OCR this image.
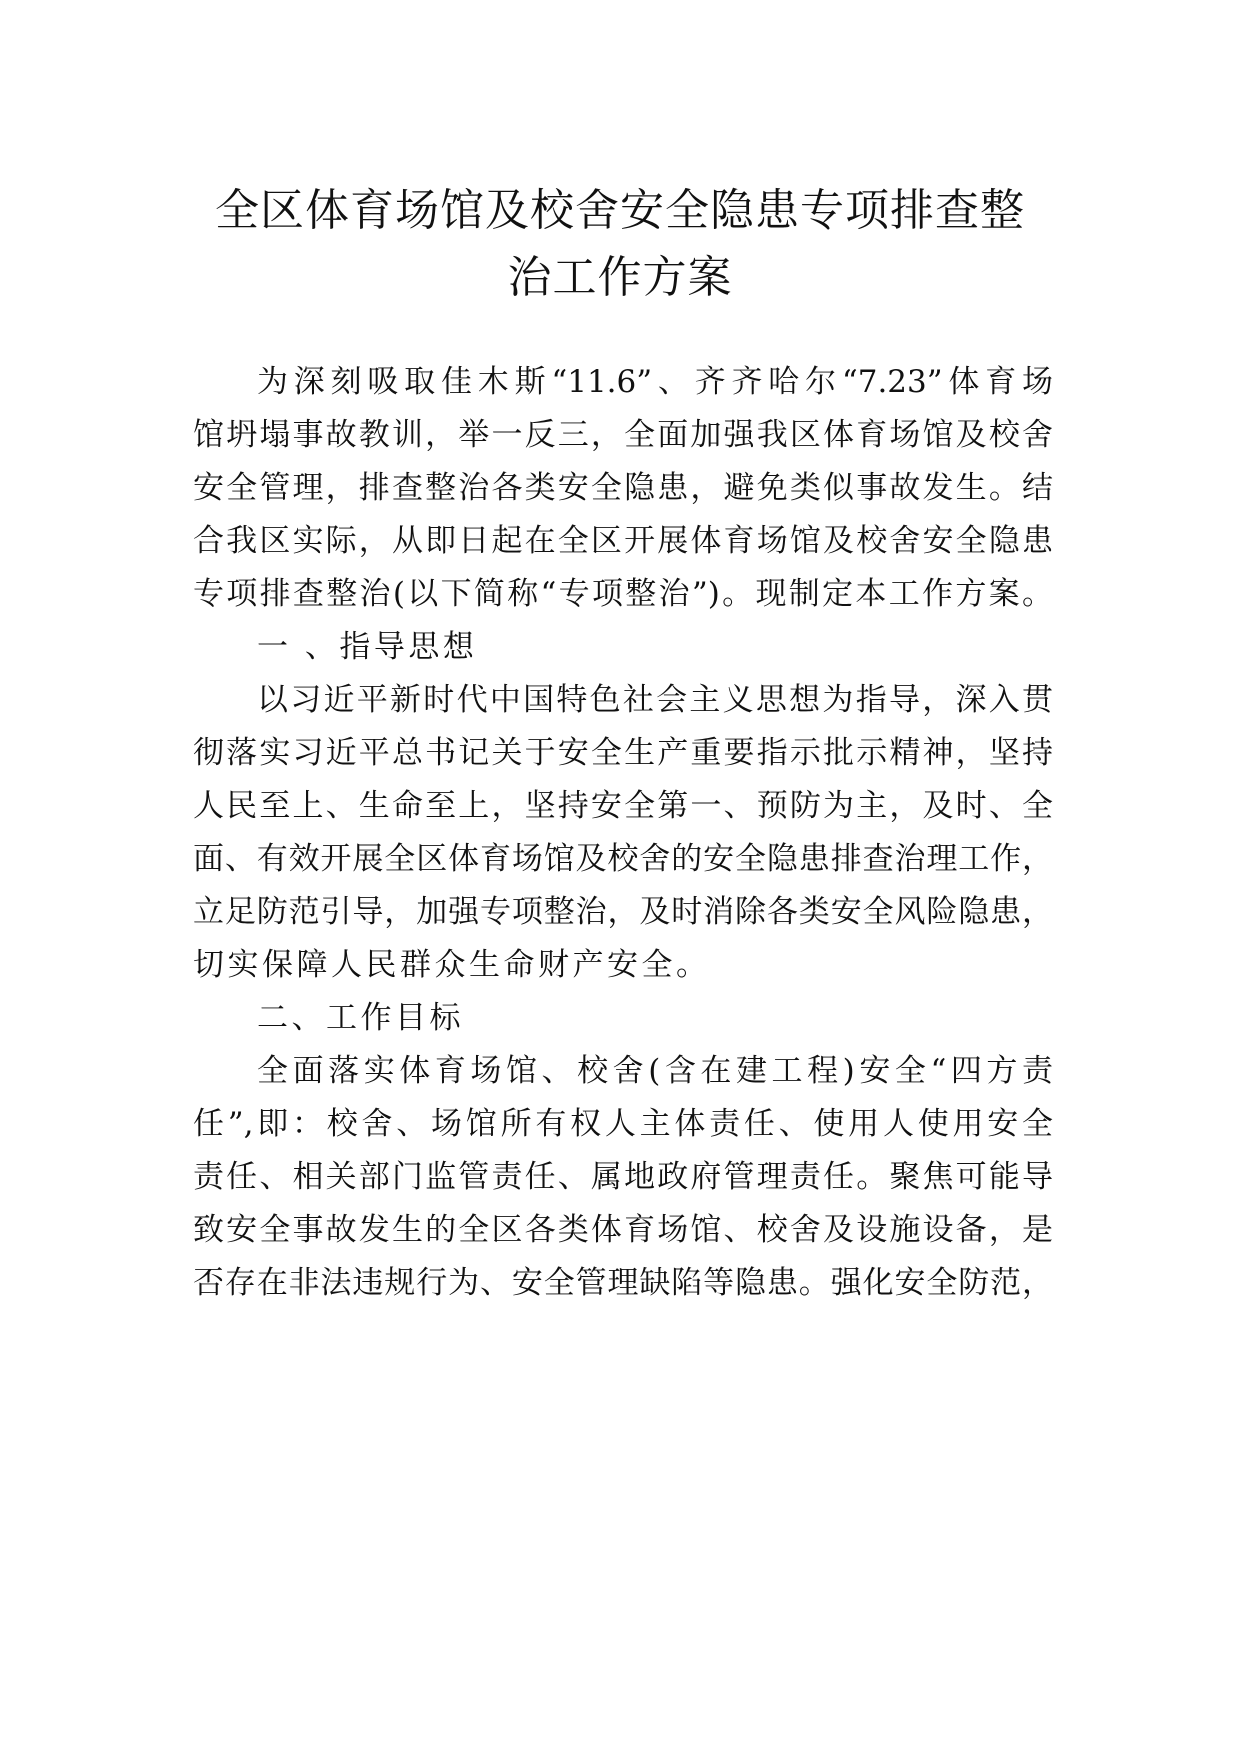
全区体育场馆及校舍安全隐患专项排查整
治工作方案
为深刻吸取佳木斯“11.6”、齐齐哈尔“7.23”体育场
馆坍塌事故教训，举一反三，全面加强我区体育场馆及校舍
安全管理，排查整治各类安全隐患，避免类似事故发生。结
合我区实际，从即日起在全区开展体育场馆及校舍安全隐患
专项排查整治(以下简称“专项整治”)。现制定本工作方案。
一 、指导思想
以习近平新时代中国特色社会主义思想为指导，深入贯
彻落实习近平总书记关于安全生产重要指示批示精神，坚持
人民至上、生命至上，坚持安全第一、预防为主，及时、全
面、有效开展全区体育场馆及校舍的安全隐患排查治理工作，
立足防范引导，加强专项整治，及时消除各类安全风险隐患，
切实保障人民群众生命财产安全。
二、工作目标
全面落实体育场馆、校舍(含在建工程)安全“四方责
任”,即：校舍、场馆所有权人主体责任、使用人使用安全
责任、相关部门监管责任、属地政府管理责任。聚焦可能导
致安全事故发生的全区各类体育场馆、校舍及设施设备，是
否存在非法违规行为、安全管理缺陷等隐患。强化安全防范，
